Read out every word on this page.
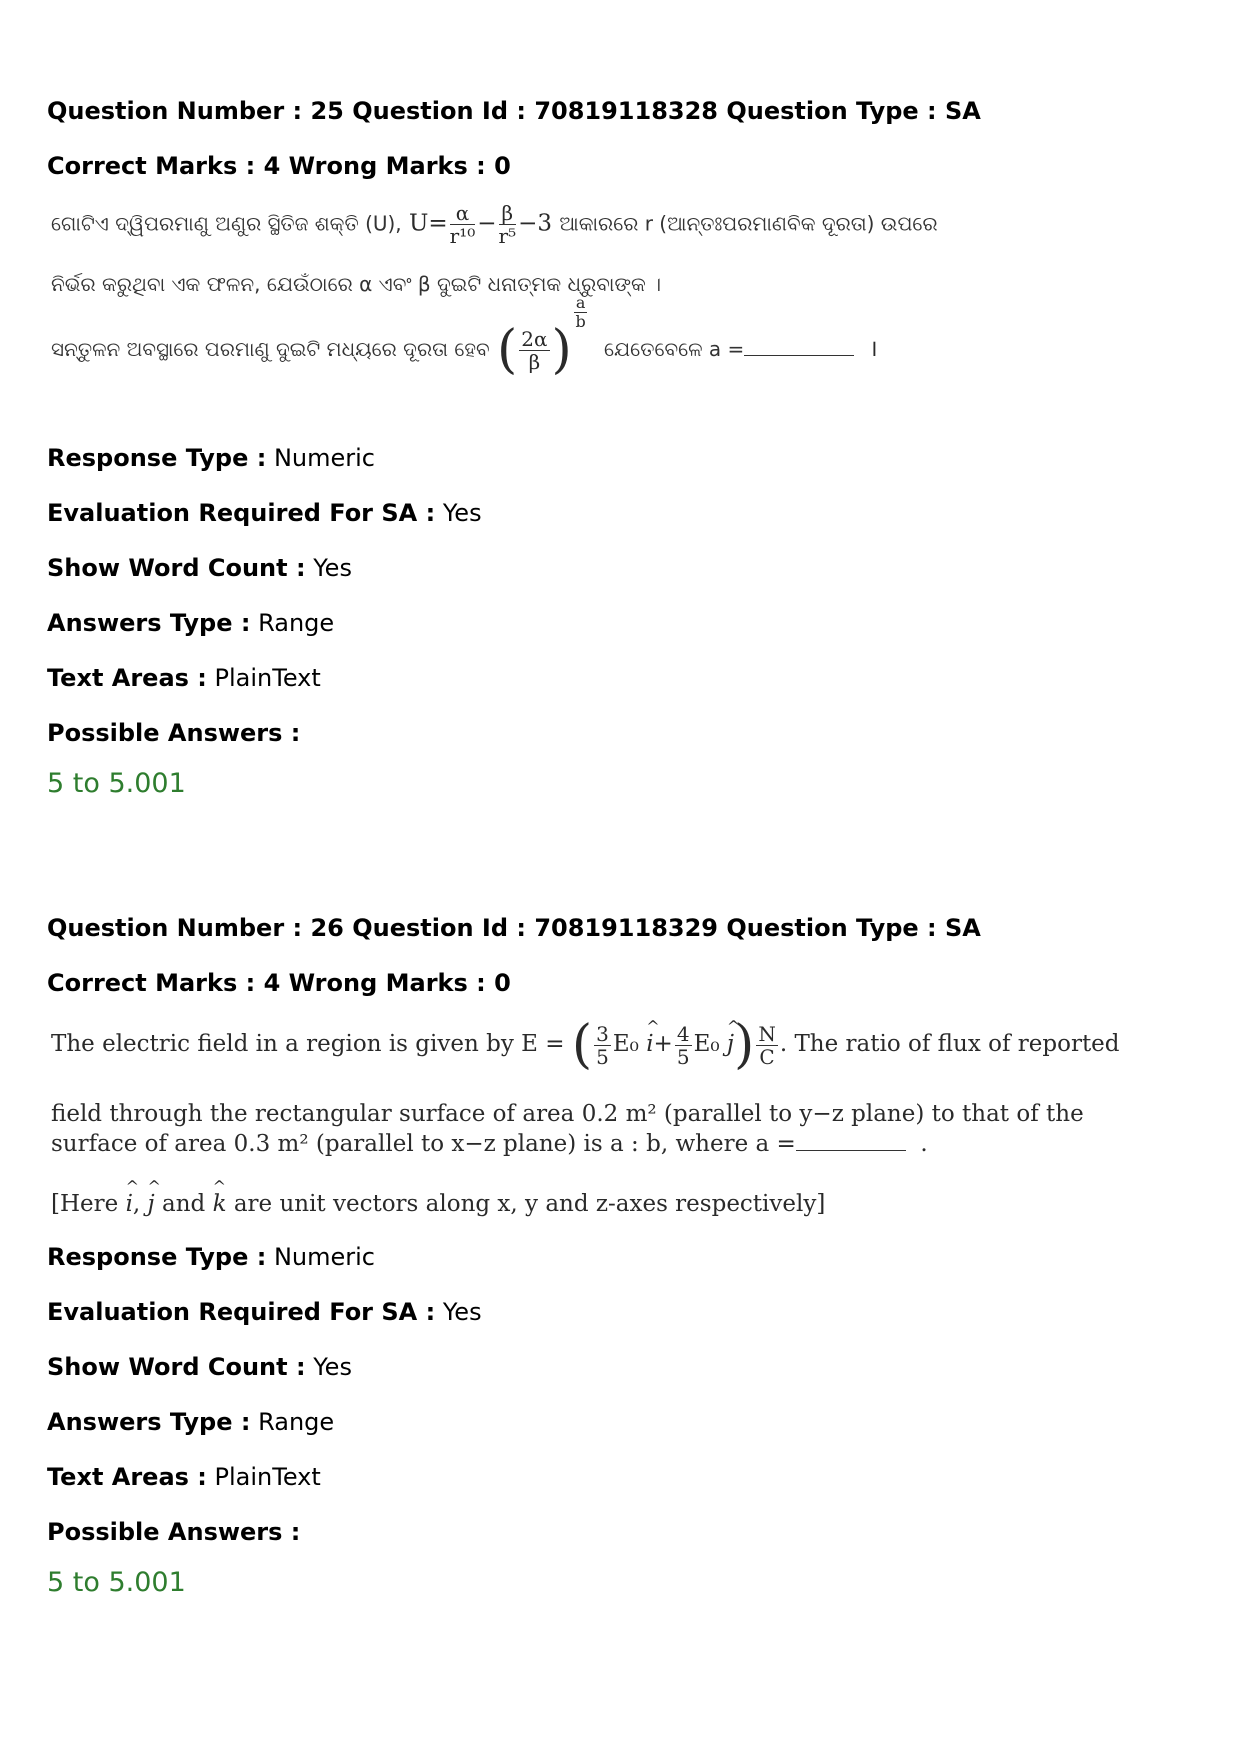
Question Number : 25 Question Id : 70819118328 Question Type : SA
Correct Marks : 4 Wrong Marks : 0
ଗୋଟିଏ ଦ୍ୱିପରମାଣୁ ଅଣୁର ସ୍ଥିତିଜ ଶକ୍ତି (U), $U= \frac{\alpha}{\text{r¹⁰}} - \frac{\beta}{\text{r⁵}} -3$ ଆକାରରେ r (ଆନ୍ତଃପରମାଣବିକ ଦୂରତା) ଉପରେ
ନିର୍ଭର କରୁଥିବା ଏକ ଫଳନ, ଯେଉଁଠାରେ α ଏବଂ β ଦୁଇଟି ଧନାତ୍ମକ ଧ୍ରୁବାଙ୍କ ।
ସନ୍ତୁଳନ ଅବସ୍ଥାରେ ପରମାଣୁ ଦୁଇଟି ମଧ୍ୟରେ ଦୂରତା ହେବ ( $\frac{2\alpha}{\beta}$ )
$\frac{a}{b}$
ଯେତେବେଳେ a =	।
Response Type : Numeric
Evaluation Required For SA : Yes
Show Word Count : Yes
Answers Type : Range
Text Areas : PlainText
Possible Answers :
5 to 5.001
Question Number : 26 Question Id : 70819118329 Question Type : SA
Correct Marks : 4 Wrong Marks : 0
The electric field in a region is given by E = ( $\frac{3}{5} E_0$ ^ $i+ \frac{4}{5} E_0$ ^ $j) \frac{N}{C}$ . The ratio of flux of reported
field through the rectangular surface of area 0.2 m² (parallel to y−z plane) to that of the
surface of area 0.3 m² (parallel to x−z plane) is a : b, where a =	.
[Here ^ i, ^ j and ^ k are unit vectors along x, y and z-axes respectively]
Response Type : Numeric
Evaluation Required For SA : Yes
Show Word Count : Yes
Answers Type : Range
Text Areas : PlainText
Possible Answers :
5 to 5.001
